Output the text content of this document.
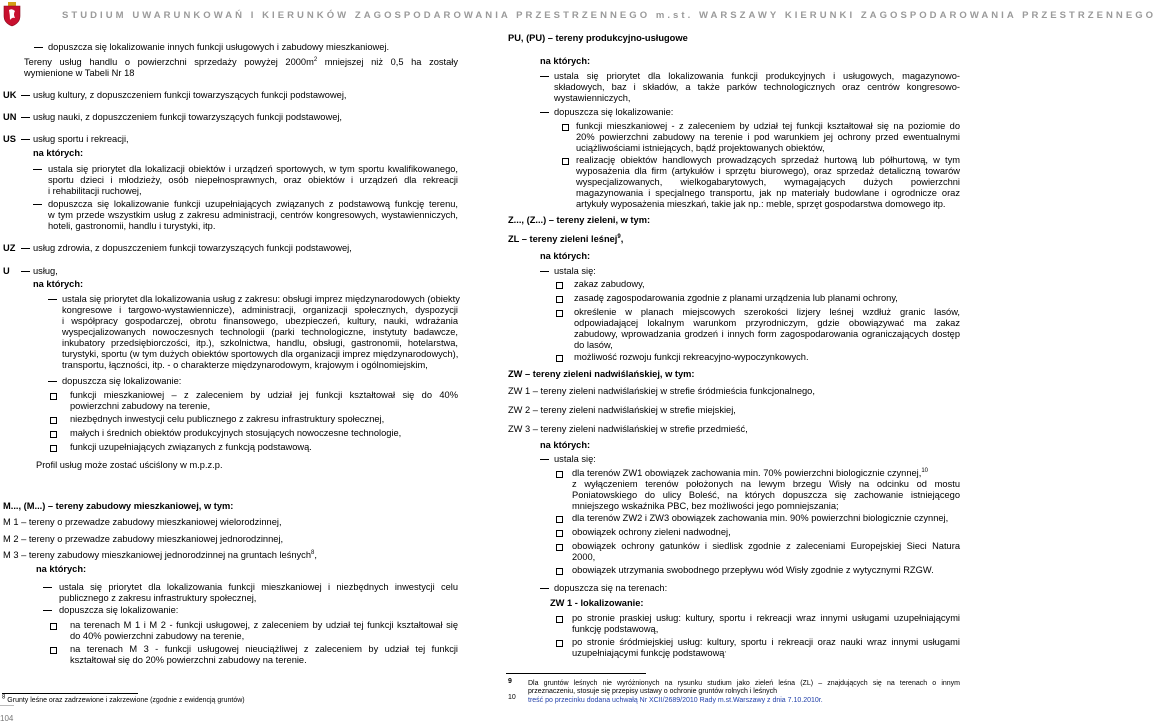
STUDIUM UWARUNKOWAŃ I KIERUNKÓW ZAGOSPODAROWANIA PRZESTRZENNEGO m.st. WARSZAWY KIERUNKI ZAGOSPODAROWANIA PRZESTRZENNEGO
dopuszcza się lokalizowanie innych funkcji usługowych i zabudowy mieszkaniowej.
Tereny usług handlu o powierzchni sprzedaży powyżej $2000m^2$ mniejszej niż 0,5 ha zostały
wymienione w Tabeli Nr 18
UK usług kultury, z dopuszczeniem funkcji towarzyszących funkcji podstawowej,
UN usług nauki, z dopuszczeniem funkcji towarzyszących funkcji podstawowej,
US usług sportu i rekreacji,
na których:
ustala się priorytet dla lokalizacji obiektów i urządzeń sportowych, w tym sportu kwalifikowanego,
sportu dzieci i młodzieży, osób niepełnosprawnych, oraz obiektów i urządzeń dla rekreacji
i rehabilitacji ruchowej,
dopuszcza się lokalizowanie funkcji uzupełniających związanych z podstawową funkcję terenu,
w tym przede wszystkim usług z zakresu administracji, centrów kongresowych, wystawienniczych,
hoteli, gastronomii, handlu i turystyki, itp.
UZ usług zdrowia, z dopuszczeniem funkcji towarzyszących funkcji podstawowej,
U	usług,
na których:
ustala się priorytet dla lokalizowania usług z zakresu: obsługi imprez międzynarodowych (obiekty
kongresowe i targowo-wystawiennicze), administracji, organizacji społecznych, dyspozycji
i współpracy gospodarczej, obrotu finansowego, ubezpieczeń, kultury, nauki, wdrażania
wyspecjalizowanych nowoczesnych technologii (parki technologiczne, instytuty badawcze,
inkubatory przedsiębiorczości, itp.), szkolnictwa, handlu, obsługi, gastronomii, hotelarstwa,
turystyki, sportu (w tym dużych obiektów sportowych dla organizacji imprez międzynarodowych),
transportu, łączności, itp. - o charakterze międzynarodowym, krajowym i ogólnomiejskim,
dopuszcza się lokalizowanie:
funkcji mieszkaniowej – z zaleceniem by udział jej funkcji kształtował się do 40%
powierzchni zabudowy na terenie,
niezbędnych inwestycji celu publicznego z zakresu infrastruktury społecznej,
małych i średnich obiektów produkcyjnych stosujących nowoczesne technologie,
funkcji uzupełniających związanych z funkcją podstawową.
Profil usług może zostać uściślony w m.p.z.p.
M..., (M...) – tereny zabudowy mieszkaniowej, w tym:
M 1 – tereny o przewadze zabudowy mieszkaniowej wielorodzinnej,
M 2 – tereny o przewadze zabudowy mieszkaniowej jednorodzinnej,
M 3 – tereny zabudowy mieszkaniowej jednorodzinnej na gruntach leśnych$^8$,
na których:
ustala się priorytet dla lokalizowania funkcji mieszkaniowej i niezbędnych inwestycji celu
publicznego z zakresu infrastruktury społecznej,
dopuszcza się lokalizowanie:
na terenach M 1 i M 2 - funkcji usługowej, z zaleceniem by udział tej funkcji kształtował się
do 40% powierzchni zabudowy na terenie,
na terenach M 3 - funkcji usługowej nieuciążliwej z zaleceniem by udział tej funkcji
kształtował się do 20% powierzchni zabudowy na terenie.
$^8$ Grunty leśne oraz zadrzewione i zakrzewione (zgodnie z ewidencją gruntów)
104
PU, (PU) – tereny produkcyjno-usługowe
na których:
ustala się priorytet dla lokalizowania funkcji produkcyjnych i usługowych, magazynowo-
składowych, baz i składów, a także parków technologicznych oraz centrów kongresowo-
wystawienniczych,
dopuszcza się lokalizowanie:
funkcji mieszkaniowej - z zaleceniem by udział tej funkcji kształtował się na poziomie do
20% powierzchni zabudowy na terenie i pod warunkiem jej ochrony przed ewentualnymi
uciążliwościami istniejących, bądź projektowanych obiektów,
realizację obiektów handlowych prowadzących sprzedaż hurtową lub półhurtową, w tym
wyposażenia dla firm (artykułów i sprzętu biurowego), oraz sprzedaż detaliczną towarów
wyspecjalizowanych, wielkogabarytowych, wymagających dużych powierzchni
magazynowania i specjalnego transportu, jak np materiały budowlane i ogrodnicze oraz
artykuły wyposażenia mieszkań, takie jak np.: meble, sprzęt gospodarstwa domowego itp.
Z..., (Z...) – tereny zieleni, w tym:
ZL – tereny zieleni leśnej$^9$,
na których:
ustala się:
zakaz zabudowy,
zasadę zagospodarowania zgodnie z planami urządzenia lub planami ochrony,
określenie w planach miejscowych szerokości lizjery leśnej wzdłuż granic lasów,
odpowiadającej lokalnym warunkom przyrodniczym, gdzie obowiązywać ma zakaz
zabudowy, wprowadzania grodzeń i innych form zagospodarowania ograniczających dostęp
do lasów,
możliwość rozwoju funkcji rekreacyjno-wypoczynkowych.
ZW – tereny zieleni nadwiślańskiej, w tym:
ZW 1 – tereny zieleni nadwiślańskiej w strefie śródmieścia funkcjonalnego,
ZW 2 – tereny zieleni nadwiślańskiej w strefie miejskiej,
ZW 3 – tereny zieleni nadwiślańskiej w strefie przedmieść,
na których:
ustala się:
dla terenów ZW1 obowiązek zachowania min. 70% powierzchni biologicznie czynnej,$^{10}$
z wyłączeniem terenów położonych na lewym brzegu Wisły na odcinku od mostu
Poniatowskiego do ulicy Boleść, na których dopuszcza się zachowanie istniejącego
mniejszego wskaźnika PBC, bez możliwości jego pomniejszania;
dla terenów ZW2 i ZW3 obowiązek zachowania min. 90% powierzchni biologicznie czynnej,
obowiązek ochrony zieleni nadwodnej,
obowiązek ochrony gatunków i siedlisk zgodnie z zaleceniami Europejskiej Sieci Natura
2000,
obowiązek utrzymania swobodnego przepływu wód Wisły zgodnie z wytycznymi RZGW.
dopuszcza się na terenach:
ZW 1 - lokalizowanie:
po stronie praskiej usług: kultury, sportu i rekreacji wraz innymi usługami uzupełniającymi
funkcję podstawową,
po stronie śródmiejskiej usług: kultury, sportu i rekreacji oraz nauki wraz innymi usługami
uzupełniającymi funkcję podstawową,
9 Dla gruntów leśnych nie wyróżnionych na rysunku studium jako zieleń leśna (ZL) – znajdujących się na terenach o innym
przeznaczeniu, stosuje się przepisy ustawy o ochronie gruntów rolnych i leśnych
10 treść po przecinku dodana uchwałą Nr XCII/2689/2010 Rady m.st.Warszawy z dnia 7.10.2010r.
